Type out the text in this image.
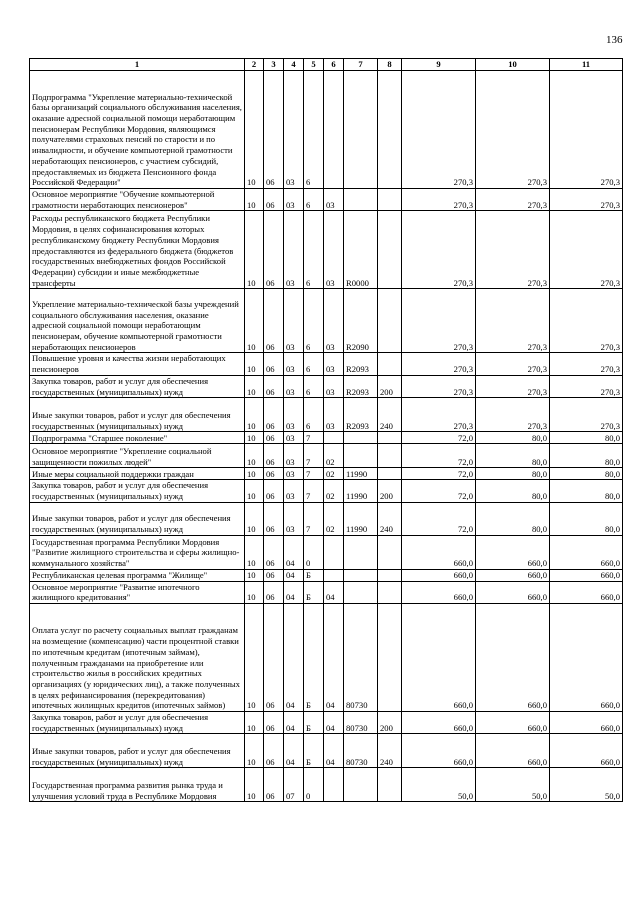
136
1	2	3	4	5	6	7	8	9	10	11
Подпрограмма "Укрепление материально-технической базы организаций социального обслуживания населения, оказание адресной социальной помощи неработающим пенсионерам Республики Мордовия, являющимся получателями страховых пенсий по старости и по инвалидности, и обучение компьютерной грамотности неработающих пенсионеров, с участием субсидий, предоставляемых из бюджета Пенсионного фонда Российской Федерации"	10	06	03	6				270,3	270,3	270,3
Основное мероприятие "Обучение компьютерной грамотности неработающих пенсионеров"	10	06	03	6	03			270,3	270,3	270,3
Расходы республиканского бюджета Республики Мордовия, в целях софинансирования которых республиканскому бюджету Республики Мордовия предоставляются из федерального бюджета (бюджетов государственных внебюджетных фондов Российской Федерации) субсидии и иные межбюджетные трансферты	10	06	03	6	03	R0000		270,3	270,3	270,3
Укрепление материально-технической базы учреждений социального обслуживания населения, оказание адресной социальной помощи неработающим пенсионерам, обучение компьютерной грамотности неработающих пенсионеров	10	06	03	6	03	R2090		270,3	270,3	270,3
Повышение уровня и качества жизни неработающих пенсионеров	10	06	03	6	03	R2093		270,3	270,3	270,3
Закупка товаров, работ и услуг для обеспечения государственных (муниципальных) нужд	10	06	03	6	03	R2093	200	270,3	270,3	270,3
Иные закупки товаров, работ и услуг для обеспечения государственных (муниципальных) нужд	10	06	03	6	03	R2093	240	270,3	270,3	270,3
Подпрограмма "Старшее поколение"	10	06	03	7				72,0	80,0	80,0
Основное мероприятие "Укрепление социальной защищенности пожилых людей"	10	06	03	7	02			72,0	80,0	80,0
Иные меры социальной поддержки граждан	10	06	03	7	02	11990		72,0	80,0	80,0
Закупка товаров, работ и услуг для обеспечения государственных (муниципальных) нужд	10	06	03	7	02	11990	200	72,0	80,0	80,0
Иные закупки товаров, работ и услуг для обеспечения государственных (муниципальных) нужд	10	06	03	7	02	11990	240	72,0	80,0	80,0
Государственная программа Республики Мордовия "Развитие жилищного строительства и сферы жилищно-коммунального хозяйства"	10	06	04	0				660,0	660,0	660,0
Республиканская целевая программа "Жилище"	10	06	04	Б				660,0	660,0	660,0
Основное мероприятие "Развитие ипотечного жилищного кредитования"	10	06	04	Б	04			660,0	660,0	660,0
Оплата услуг по расчету социальных выплат гражданам на возмещение (компенсацию) части процентной ставки по ипотечным кредитам (ипотечным займам), полученным гражданами на приобретение или строительство жилья в российских кредитных организациях (у юридических лиц), а также полученных в целях рефинансирования (перекредитования) ипотечных жилищных кредитов (ипотечных займов)	10	06	04	Б	04	80730		660,0	660,0	660,0
Закупка товаров, работ и услуг для обеспечения государственных (муниципальных) нужд	10	06	04	Б	04	80730	200	660,0	660,0	660,0
Иные закупки товаров, работ и услуг для обеспечения государственных (муниципальных) нужд	10	06	04	Б	04	80730	240	660,0	660,0	660,0
Государственная программа развития рынка труда и улучшения условий труда в Республике Мордовия	10	06	07	0				50,0	50,0	50,0
